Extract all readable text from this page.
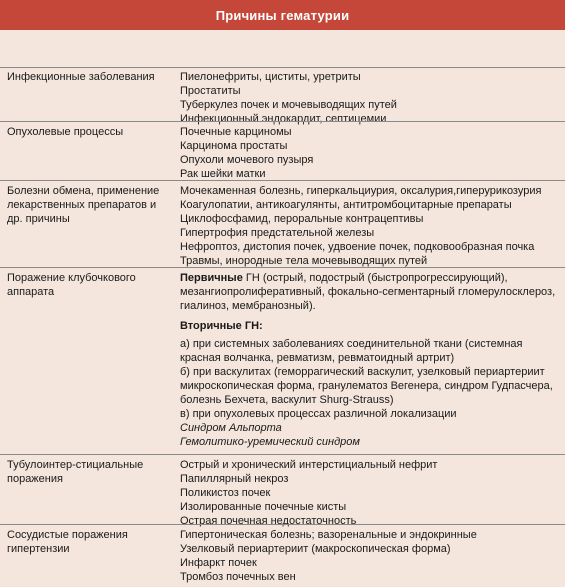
Причины гематурии
Инфекционные заболевания	Пиелонефриты, циститы, уретриты
Простатиты
Туберкулез почек и мочевыводящих путей
Инфекционный эндокардит, септицемии
Опухолевые процессы	Почечные карциномы
Карцинома простаты
Опухоли мочевого пузыря
Рак шейки матки
Болезни обмена, применение лекарственных препаратов и др. причины
Мочекаменная болезнь, гиперкальциурия, оксалурия,гиперурикозурия
Коагулопатии, антикоагулянты, антитромбоцитарные препараты
Циклофосфамид, пероральные контрацептивы
Гипертрофия предстательной железы
Нефроптоз, дистопия почек, удвоение почек, подковообразная почка
Травмы, инородные тела мочевыводящих путей
Поражение клубочкового аппарата
Первичные ГН (острый, подострый (быстропрогрессирующий), мезангиопролиферативный, фокально-сегментарный гломерулосклероз, гиалиноз, мембранозный).
Вторичные ГН:
а) при системных заболеваниях соединительной ткани (системная красная волчанка, ревматизм, ревматоидный артрит)
б) при васкулитах (геморрагический васкулит, узелковый периартериит микроскопическая форма, гранулематоз Вегенера, синдром Гудпасчера, болезнь Бехчета, васкулит Shurg-Strauss)
в) при опухолевых процессах различной локализации
Синдром Альпорта
Гемолитико-уремический синдром
Тубулоинтер-стициальные поражения
Острый и хронический интерстициальный нефрит
Папиллярный некроз
Поликистоз почек
Изолированные почечные кисты
Острая почечная недостаточность
Сосудистые поражения гипертензии
Гипертоническая болезнь; вазоренальные и эндокринные
Узелковый периартериит (макроскопическая форма)
Инфаркт почек
Тромбоз почечных вен
